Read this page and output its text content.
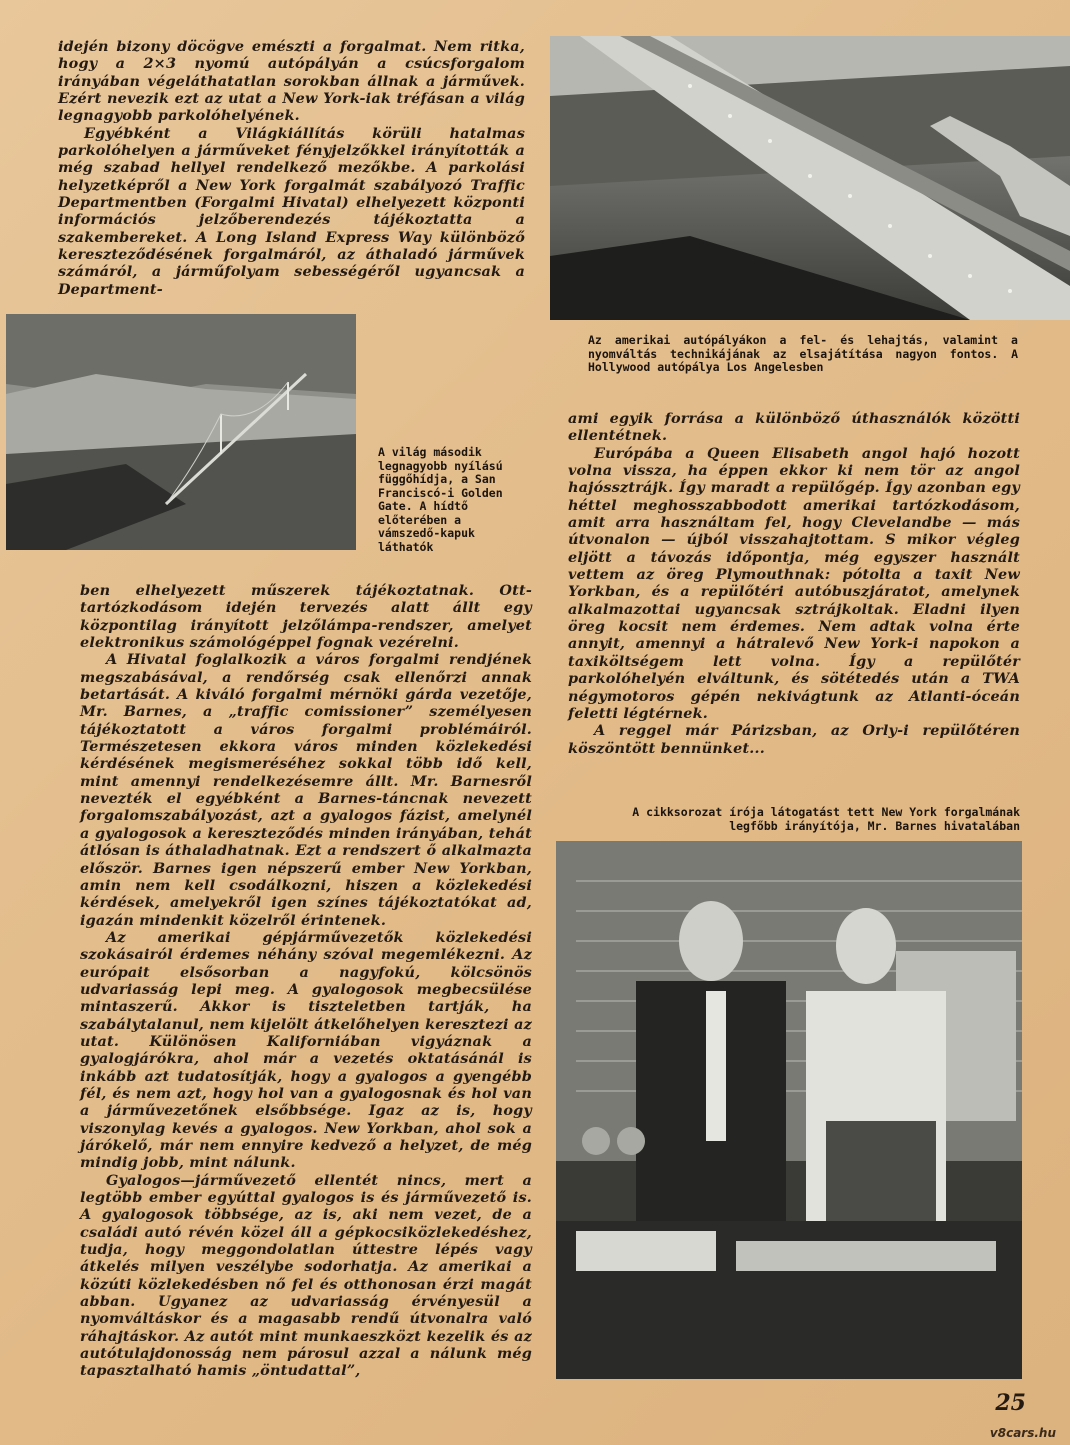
idején bizony döcögve emészti a forgalmat. Nem ritka, hogy a 2×3 nyomú autópályán a csúcsforgalom irányában végeláthatatlan sorokban állnak a járművek. Ezért nevezik ezt az utat a New York-iak tréfásan a világ legnagyobb parkolóhelyének.

Egyébként a Világkiállítás körüli hatalmas parkolóhelyen a járműveket fényjelzőkkel irányították a még szabad hellyel rendelkező mezőkbe. A parkolási helyzetképről a New York forgalmát szabályozó Traffic Departmentben (Forgalmi Hivatal) elhelyezett központi információs jelzőberendezés tájékoztatta a szakembereket. A Long Island Express Way különböző kereszteződésének forgalmáról, az áthaladó járművek számáról, a járműfolyam sebességéről ugyancsak a Department-

Az amerikai autópályákon a fel- és lehajtás, valamint a nyomváltás technikájának az elsajátítása nagyon fontos. A Hollywood autópálya Los Angelesben

A világ második legnagyobb nyílású függőhídja, a San Franciscó-i Golden Gate. A hídtő előterében a vámszedő-kapuk láthatók

ben elhelyezett műszerek tájékoztatnak. Ott-tartózkodásom idején tervezés alatt állt egy központilag irányított jelzőlámpa-rendszer, amelyet elektronikus számológéppel fognak vezérelni.

A Hivatal foglalkozik a város forgalmi rendjének megszabásával, a rendőrség csak ellenőrzi annak betartását. A kiváló forgalmi mérnöki gárda vezetője, Mr. Barnes, a „traffic comissioner” személyesen tájékoztatott a város forgalmi problémáiról. Természetesen ekkora város minden közlekedési kérdésének megismeréséhez sokkal több idő kell, mint amennyi rendelkezésemre állt. Mr. Barnesről nevezték el egyébként a Barnes-táncnak nevezett forgalomszabályozást, azt a gyalogos fázist, amelynél a gyalogosok a kereszteződés minden irányában, tehát átlósan is áthaladhatnak. Ezt a rendszert ő alkalmazta először. Barnes igen népszerű ember New Yorkban, amin nem kell csodálkozni, hiszen a közlekedési kérdések, amelyekről igen színes tájékoztatókat ad, igazán mindenkit közelről érintenek.

Az amerikai gépjárművezetők közlekedési szokásairól érdemes néhány szóval megemlékezni. Az európait elsősorban a nagyfokú, kölcsönös udvariasság lepi meg. A gyalogosok megbecsülése mintaszerű. Akkor is tiszteletben tartják, ha szabálytalanul, nem kijelölt átkelőhelyen keresztezi az utat. Különösen Kaliforniában vigyáznak a gyalogjárókra, ahol már a vezetés oktatásánál is inkább azt tudatosítják, hogy a gyalogos a gyengébb fél, és nem azt, hogy hol van a gyalogosnak és hol van a járművezetőnek elsőbbsége. Igaz az is, hogy viszonylag kevés a gyalogos. New Yorkban, ahol sok a járókelő, már nem ennyire kedvező a helyzet, de még mindig jobb, mint nálunk.

Gyalogos—járművezető ellentét nincs, mert a legtöbb ember egyúttal gyalogos is és járművezető is. A gyalogosok többsége, az is, aki nem vezet, de a családi autó révén közel áll a gépkocsiközlekedéshez, tudja, hogy meggondolatlan úttestre lépés vagy átkelés milyen veszélybe sodorhatja. Az amerikai a közúti közlekedésben nő fel és otthonosan érzi magát abban. Ugyanez az udvariasság érvényesül a nyomváltáskor és a magasabb rendű útvonalra való ráhajtáskor. Az autót mint munkaeszközt kezelik és az autótulajdonosság nem párosul azzal a nálunk még tapasztalható hamis „öntudattal”,

ami egyik forrása a különböző úthasználók közötti ellentétnek.

Európába a Queen Elisabeth angol hajó hozott volna vissza, ha éppen ekkor ki nem tör az angol hajóssztrájk. Így maradt a repülőgép. Így azonban egy héttel meghosszabbodott amerikai tartózkodásom, amit arra használtam fel, hogy Clevelandbe — más útvonalon — újból visszahajtottam. S mikor végleg eljött a távozás időpontja, még egyszer használt vettem az öreg Plymouthnak: pótolta a taxit New Yorkban, és a repülőtéri autóbuszjáratot, amelynek alkalmazottai ugyancsak sztrájkoltak. Eladni ilyen öreg kocsit nem érdemes. Nem adtak volna érte annyit, amennyi a hátralevő New York-i napokon a taxiköltségem lett volna. Így a repülőtér parkolóhelyén elváltunk, és sötétedés után a TWA négymotoros gépén nekivágtunk az Atlanti-óceán feletti légtérnek.

A reggel már Párizsban, az Orly-i repülőtéren köszöntött bennünket...

A cikksorozat írója látogatást tett New York forgalmának legfőbb irányítója, Mr. Barnes hivatalában

25
v8cars.hu
